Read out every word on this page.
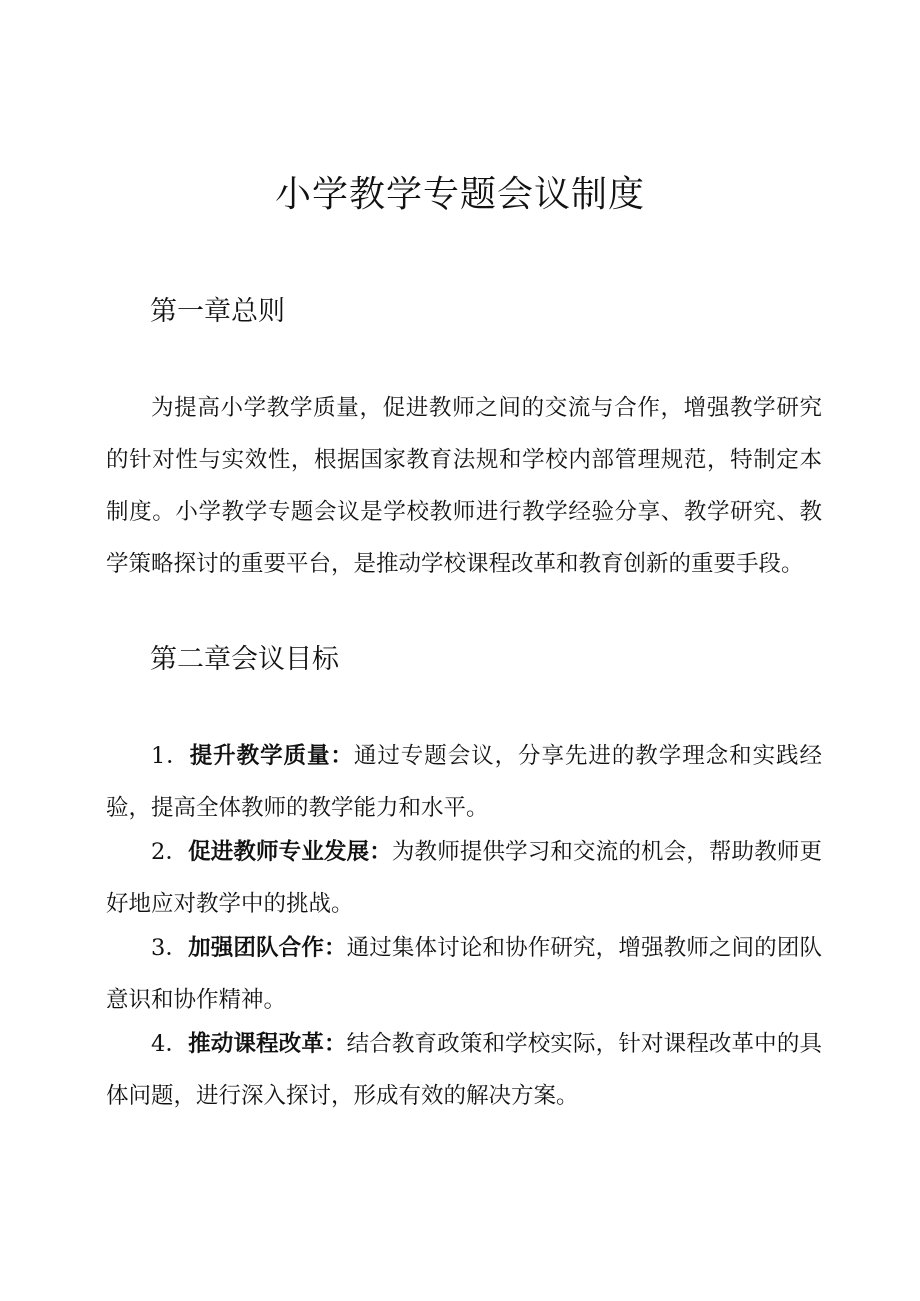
小学教学专题会议制度
第一章总则

为提高小学教学质量，促进教师之间的交流与合作，增强教学研究的针对性与实效性，根据国家教育法规和学校内部管理规范，特制定本制度。小学教学专题会议是学校教师进行教学经验分享、教学研究、教学策略探讨的重要平台，是推动学校课程改革和教育创新的重要手段。

第二章会议目标

1．提升教学质量：通过专题会议，分享先进的教学理念和实践经验，提高全体教师的教学能力和水平。

2．促进教师专业发展：为教师提供学习和交流的机会，帮助教师更好地应对教学中的挑战。

3．加强团队合作：通过集体讨论和协作研究，增强教师之间的团队意识和协作精神。

4．推动课程改革：结合教育政策和学校实际，针对课程改革中的具体问题，进行深入探讨，形成有效的解决方案。
